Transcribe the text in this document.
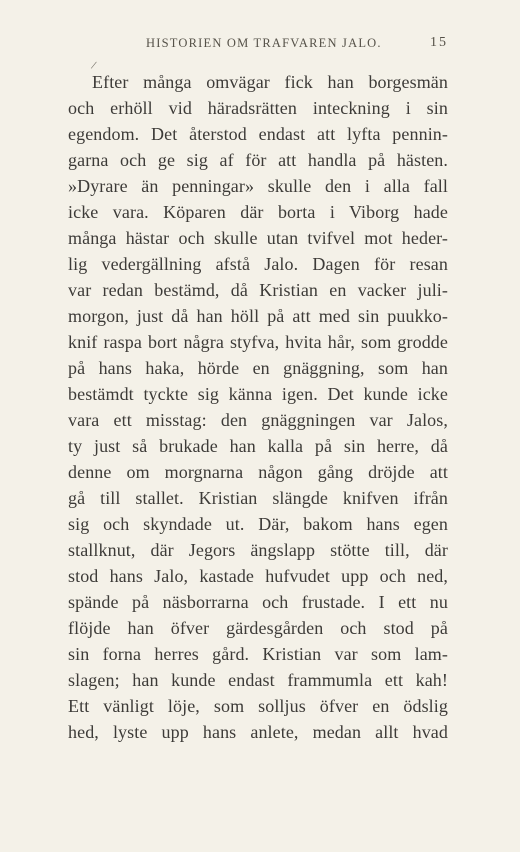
HISTORIEN OM TRAFVAREN JALO.	15
/
Efter många omvägar fick han borgesmän
och erhöll vid häradsrätten inteckning i sin
egendom. Det återstod endast att lyfta pennin-
garna och ge sig af för att handla på hästen.
»Dyrare än penningar» skulle den i alla fall
icke vara. Köparen där borta i Viborg hade
många hästar och skulle utan tvifvel mot heder-
lig vedergällning afstå Jalo. Dagen för resan
var redan bestämd, då Kristian en vacker juli-
morgon, just då han höll på att med sin puukko-
knif raspa bort några styfva, hvita hår, som grodde
på hans haka, hörde en gnäggning, som han
bestämdt tyckte sig känna igen. Det kunde icke
vara ett misstag: den gnäggningen var Jalos,
ty just så brukade han kalla på sin herre, då
denne om morgnarna någon gång dröjde att
gå till stallet. Kristian slängde knifven ifrån
sig och skyndade ut. Där, bakom hans egen
stallknut, där Jegors ängslapp stötte till, där
stod hans Jalo, kastade hufvudet upp och ned,
spände på näsborrarna och frustade. I ett nu
flöjde han öfver gärdesgården och stod på
sin forna herres gård. Kristian var som lam-
slagen; han kunde endast frammumla ett kah!
Ett vänligt löje, som solljus öfver en ödslig
hed, lyste upp hans anlete, medan allt hvad
